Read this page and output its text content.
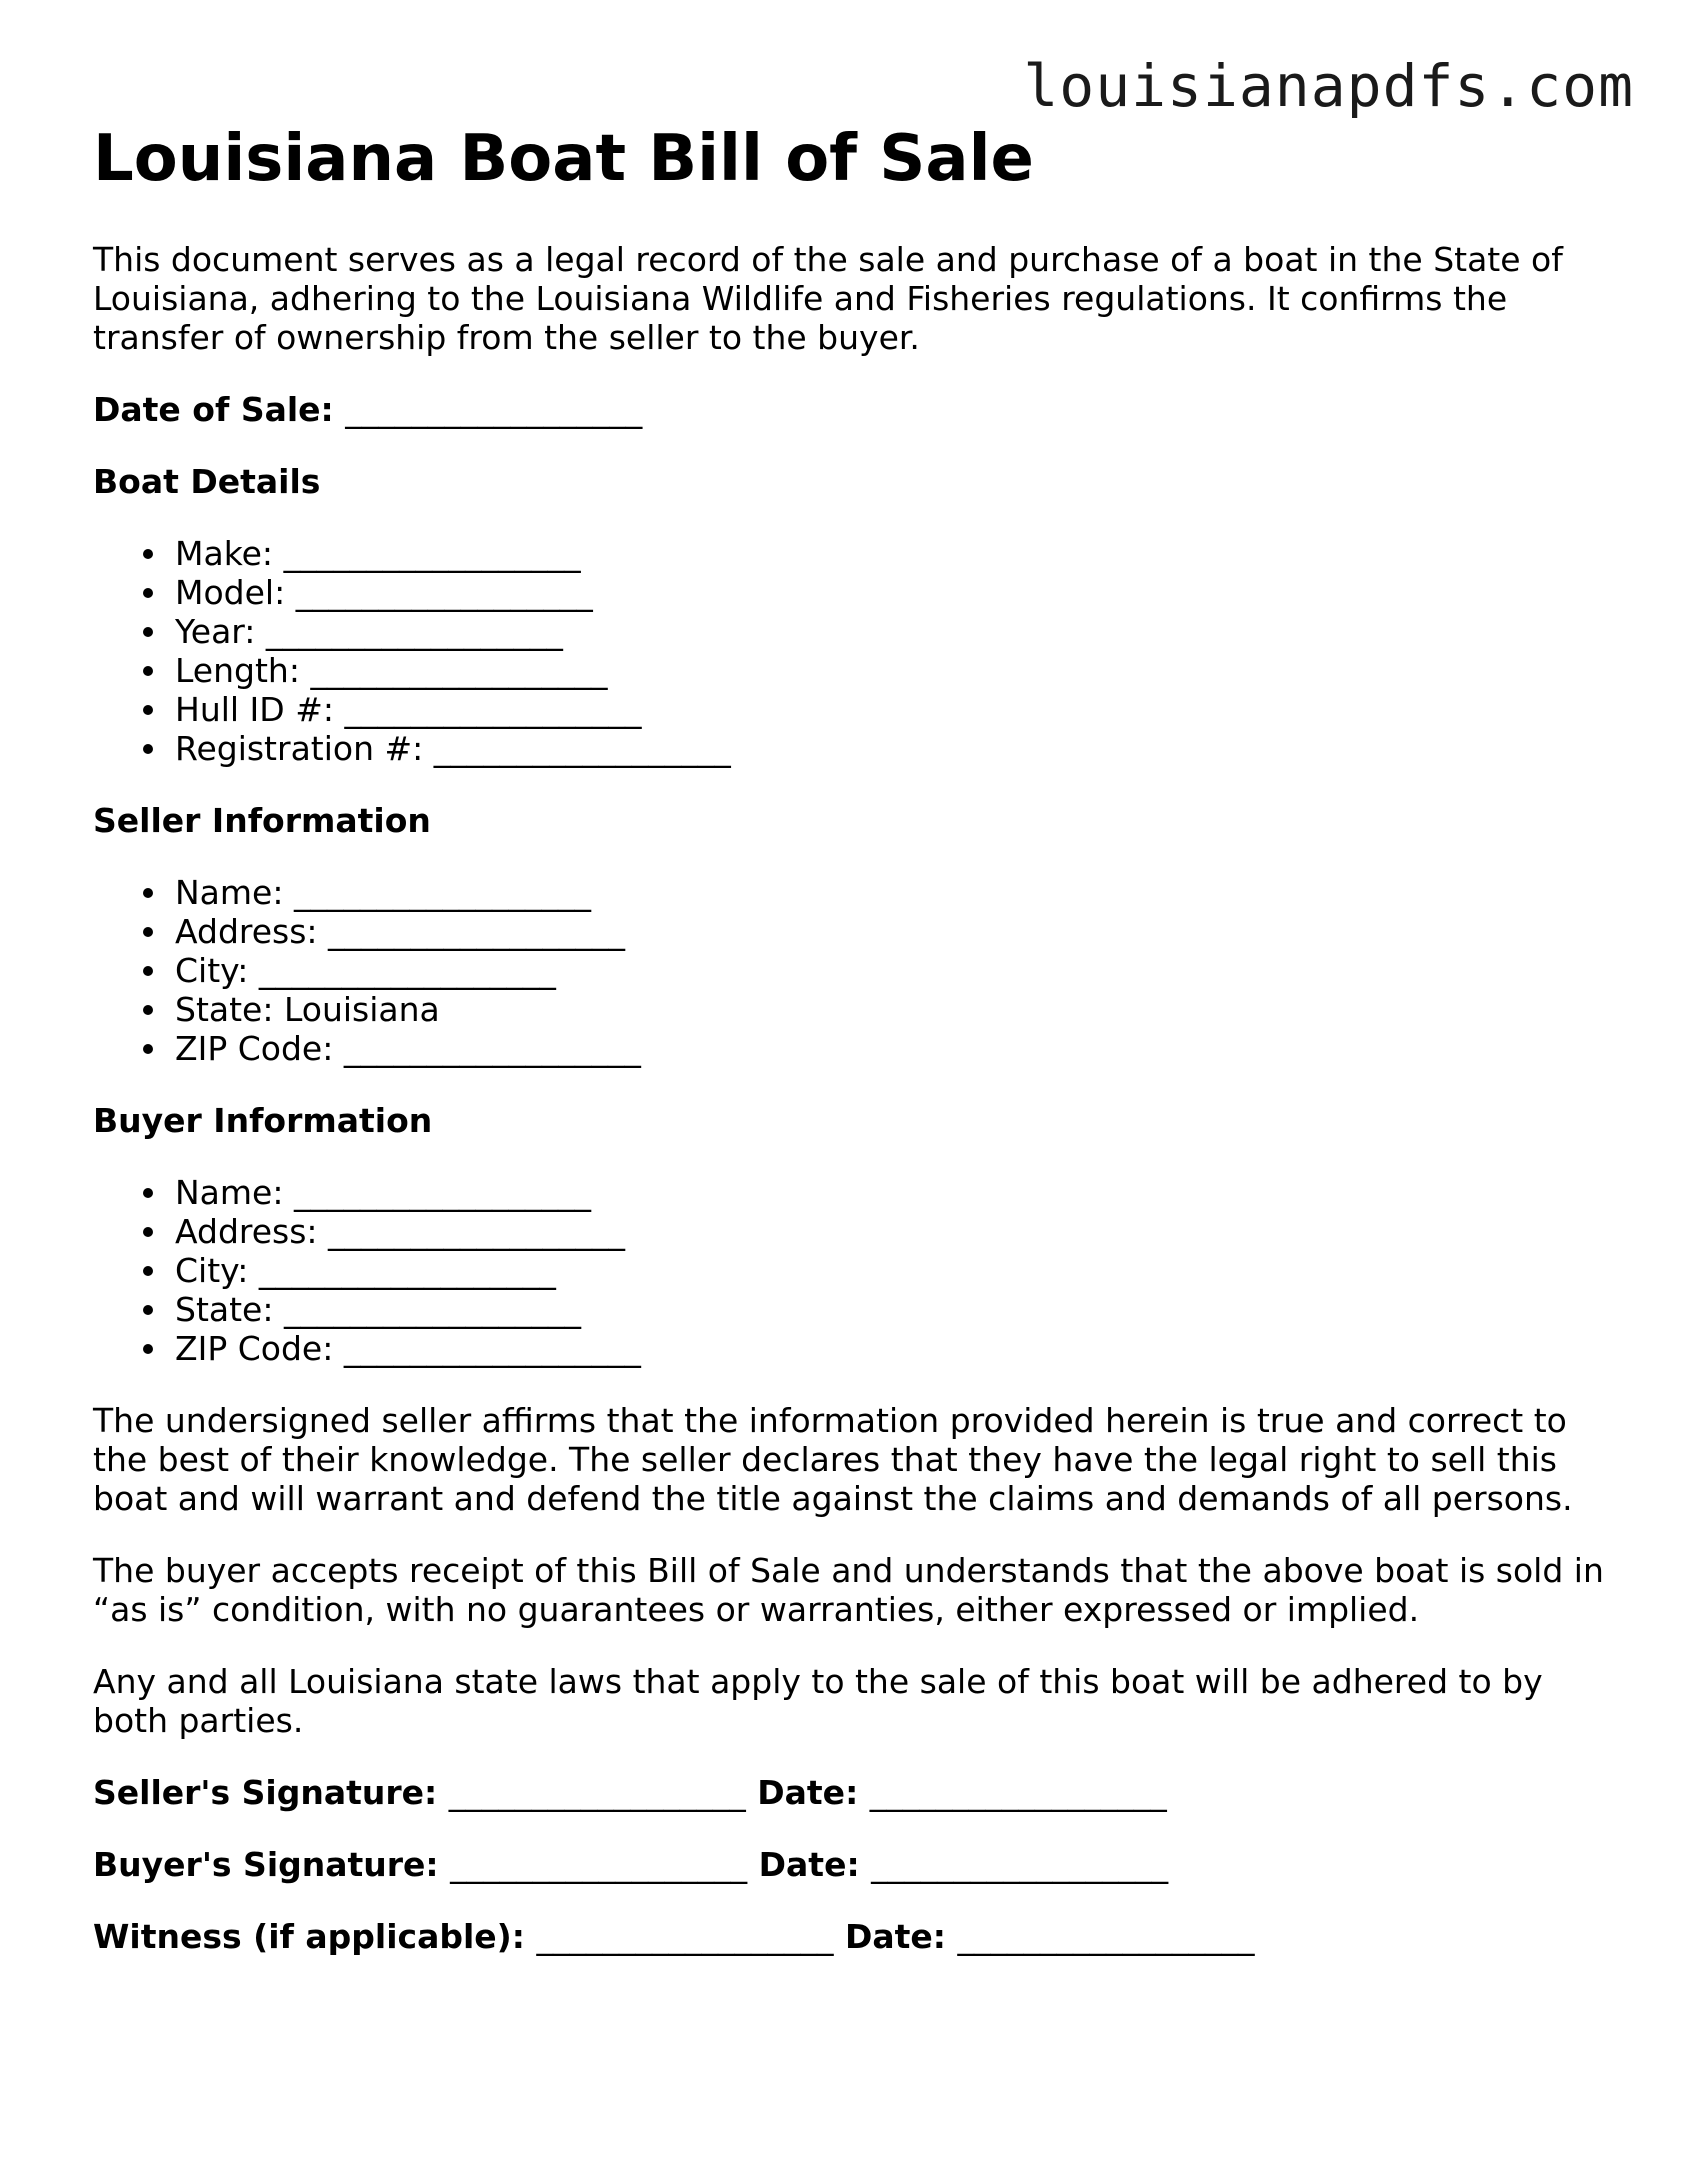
louisianapdfs.com
Louisiana Boat Bill of Sale

This document serves as a legal record of the sale and purchase of a boat in the State of Louisiana, adhering to the Louisiana Wildlife and Fisheries regulations. It confirms the transfer of ownership from the seller to the buyer.

Date of Sale: __________________
Boat Details
Make: __________________
Model: __________________
Year: __________________
Length: __________________
Hull ID #: __________________
Registration #: __________________
Seller Information
Name: __________________
Address: __________________
City: __________________
State: Louisiana
ZIP Code: __________________
Buyer Information
Name: __________________
Address: __________________
City: __________________
State: __________________
ZIP Code: __________________

The undersigned seller affirms that the information provided herein is true and correct to the best of their knowledge. The seller declares that they have the legal right to sell this boat and will warrant and defend the title against the claims and demands of all persons.

The buyer accepts receipt of this Bill of Sale and understands that the above boat is sold in “as is” condition, with no guarantees or warranties, either expressed or implied.

Any and all Louisiana state laws that apply to the sale of this boat will be adhered to by both parties.

Seller's Signature: __________________ Date: __________________
Buyer's Signature: __________________ Date: __________________
Witness (if applicable): __________________ Date: __________________
